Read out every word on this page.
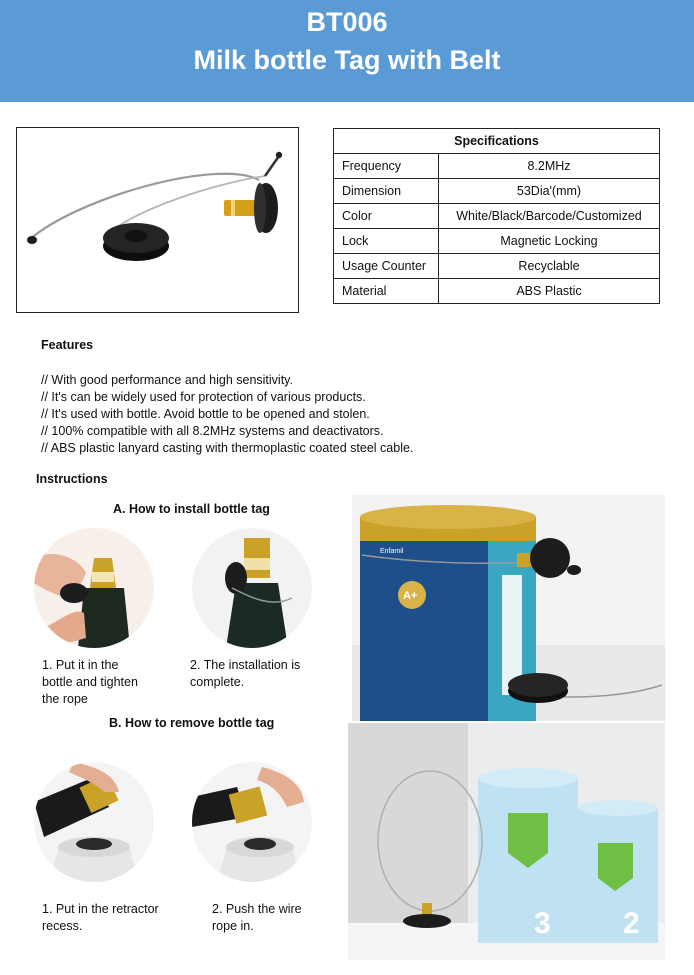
BT006
Milk bottle Tag with Belt
Specifications	
Frequency	8.2MHz
Dimension	53Dia'(mm)
Color	White/Black/Barcode/Customized
Lock	Magnetic Locking
Usage Counter	Recyclable
Material	ABS Plastic
Features
// With good performance and high sensitivity.
// It's can be widely used for protection of various products.
// It's used with bottle. Avoid bottle to be opened and stolen.
// 100% compatible with all 8.2MHz systems and deactivators.
// ABS plastic lanyard casting with thermoplastic coated steel cable.
Instructions
A. How to install bottle tag
1. Put it in the
bottle and tighten
the rope
2. The installation is
complete.
B. How to remove bottle tag
1. Put in the retractor
recess.
2. Push the wire
rope in.
Enfamil
A+
3 2
